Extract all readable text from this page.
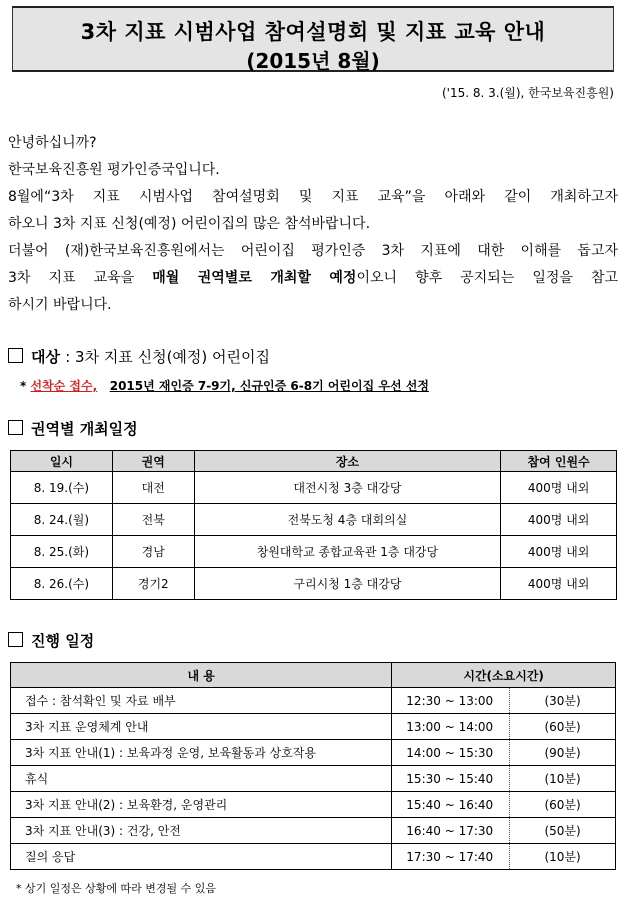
3차 지표 시범사업 참여설명회 및 지표 교육 안내
(2015년 8월)
('15. 8. 3.(월), 한국보육진흥원)

안녕하십니까?

한국보육진흥원 평가인증국입니다.

8월에“3차 지표 시범사업 참여설명회 및 지표 교육”을 아래와 같이 개최하고자

하오니 3차 지표 신청(예정) 어린이집의 많은 참석바랍니다.

더불어 (재)한국보육진흥원에서는 어린이집 평가인증 3차 지표에 대한 이해를 돕고자

3차 지표 교육을 매월 권역별로 개최할 예정이오니 향후 공지되는 일정을 참고

하시기 바랍니다.

대상 : 3차 지표 신청(예정) 어린이집
* 선착순 접수, 2015년 재인증 7-9기, 신규인증 6-8기 어린이집 우선 선정
권역별 개최일정
일시	권역	장소	참여 인원수
8. 19.(수)	대전	대전시청 3층 대강당	400명 내외
8. 24.(월)	전북	전북도청 4층 대회의실	400명 내외
8. 25.(화)	경남	창원대학교 종합교육관 1층 대강당	400명 내외
8. 26.(수)	경기2	구리시청 1층 대강당	400명 내외
진행 일정
내 용	시간(소요시간)	
접수 : 참석확인 및 자료 배부	12:30 ~ 13:00	(30분)
3차 지표 운영체계 안내	13:00 ~ 14:00	(60분)
3차 지표 안내(1) : 보육과정 운영, 보육활동과 상호작용	14:00 ~ 15:30	(90분)
휴식	15:30 ~ 15:40	(10분)
3차 지표 안내(2) : 보육환경, 운영관리	15:40 ~ 16:40	(60분)
3차 지표 안내(3) : 건강, 안전	16:40 ~ 17:30	(50분)
질의 응답	17:30 ~ 17:40	(10분)
* 상기 일정은 상황에 따라 변경될 수 있음
